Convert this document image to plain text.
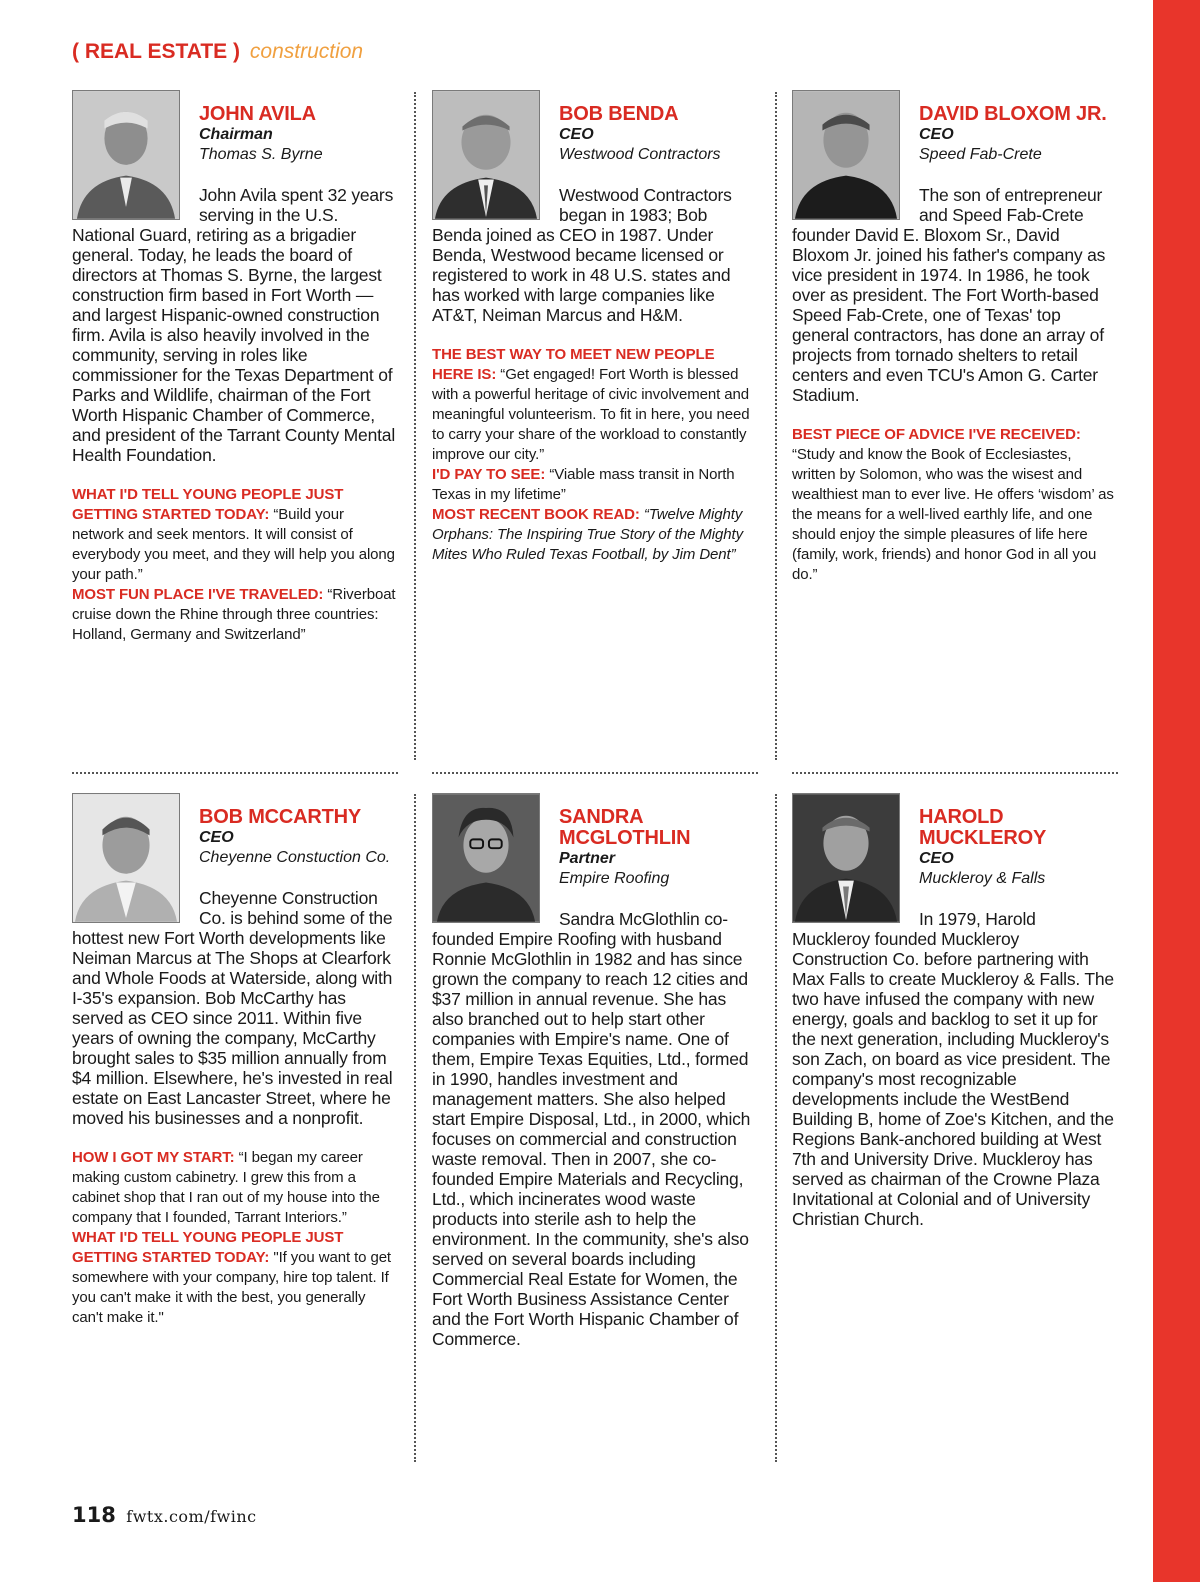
( REAL ESTATE ) construction
JOHN AVILA
Chairman
Thomas S. Byrne

John Avila spent 32 years serving in the U.S. National Guard, retiring as a brigadier general. Today, he leads the board of directors at Thomas S. Byrne, the largest construction firm based in Fort Worth — and largest Hispanic-owned construction firm. Avila is also heavily involved in the community, serving in roles like commissioner for the Texas Department of Parks and Wildlife, chairman of the Fort Worth Hispanic Chamber of Commerce, and president of the Tarrant County Mental Health Foundation.

WHAT I'D TELL YOUNG PEOPLE JUST GETTING STARTED TODAY: “Build your network and seek mentors. It will consist of everybody you meet, and they will help you along your path.”

MOST FUN PLACE I'VE TRAVELED: “Riverboat cruise down the Rhine through three countries: Holland, Germany and Switzerland”

BOB BENDA
CEO
Westwood Contractors

Westwood Contractors began in 1983; Bob Benda joined as CEO in 1987. Under Benda, Westwood became licensed or registered to work in 48 U.S. states and has worked with large companies like AT&T, Neiman Marcus and H&M.

THE BEST WAY TO MEET NEW PEOPLE HERE IS: “Get engaged! Fort Worth is blessed with a powerful heritage of civic involvement and meaningful volunteerism. To fit in here, you need to carry your share of the workload to constantly improve our city.”

I'D PAY TO SEE: “Viable mass transit in North Texas in my lifetime”

MOST RECENT BOOK READ: “Twelve Mighty Orphans: The Inspiring True Story of the Mighty Mites Who Ruled Texas Football, by Jim Dent”

DAVID BLOXOM JR.
CEO
Speed Fab-Crete

The son of entrepreneur and Speed Fab-Crete founder David E. Bloxom Sr., David Bloxom Jr. joined his father's company as vice president in 1974. In 1986, he took over as president. The Fort Worth-based Speed Fab-Crete, one of Texas' top general contractors, has done an array of projects from tornado shelters to retail centers and even TCU's Amon G. Carter Stadium.

BEST PIECE OF ADVICE I'VE RECEIVED: “Study and know the Book of Ecclesiastes, written by Solomon, who was the wisest and wealthiest man to ever live. He offers ‘wisdom’ as the means for a well-lived earthly life, and one should enjoy the simple pleasures of life here (family, work, friends) and honor God in all you do.”

BOB MCCARTHY
CEO
Cheyenne Constuction Co.

Cheyenne Construction Co. is behind some of the hottest new Fort Worth developments like Neiman Marcus at The Shops at Clearfork and Whole Foods at Waterside, along with I-35's expansion. Bob McCarthy has served as CEO since 2011. Within five years of owning the company, McCarthy brought sales to $35 million annually from $4 million. Elsewhere, he's invested in real estate on East Lancaster Street, where he moved his businesses and a nonprofit.

HOW I GOT MY START: “I began my career making custom cabinetry. I grew this from a cabinet shop that I ran out of my house into the company that I founded, Tarrant Interiors.”

WHAT I'D TELL YOUNG PEOPLE JUST GETTING STARTED TODAY: "If you want to get somewhere with your company, hire top talent. If you can't make it with the best, you generally can't make it."

SANDRA MCGLOTHLIN
Partner
Empire Roofing

Sandra McGlothlin co-founded Empire Roofing with husband Ronnie McGlothlin in 1982 and has since grown the company to reach 12 cities and $37 million in annual revenue. She has also branched out to help start other companies with Empire's name. One of them, Empire Texas Equities, Ltd., formed in 1990, handles investment and management matters. She also helped start Empire Disposal, Ltd., in 2000, which focuses on commercial and construction waste removal. Then in 2007, she co-founded Empire Materials and Recycling, Ltd., which incinerates wood waste products into sterile ash to help the environment. In the community, she's also served on several boards including Commercial Real Estate for Women, the Fort Worth Business Assistance Center and the Fort Worth Hispanic Chamber of Commerce.

HAROLD MUCKLEROY
CEO
Muckleroy & Falls

In 1979, Harold Muckleroy founded Muckleroy Construction Co. before partnering with Max Falls to create Muckleroy & Falls. The two have infused the company with new energy, goals and backlog to set it up for the next generation, including Muckleroy's son Zach, on board as vice president. The company's most recognizable developments include the WestBend Building B, home of Zoe's Kitchen, and the Regions Bank-anchored building at West 7th and University Drive. Muckleroy has served as chairman of the Crowne Plaza Invitational at Colonial and of University Christian Church.

118 fwtx.com/fwinc
